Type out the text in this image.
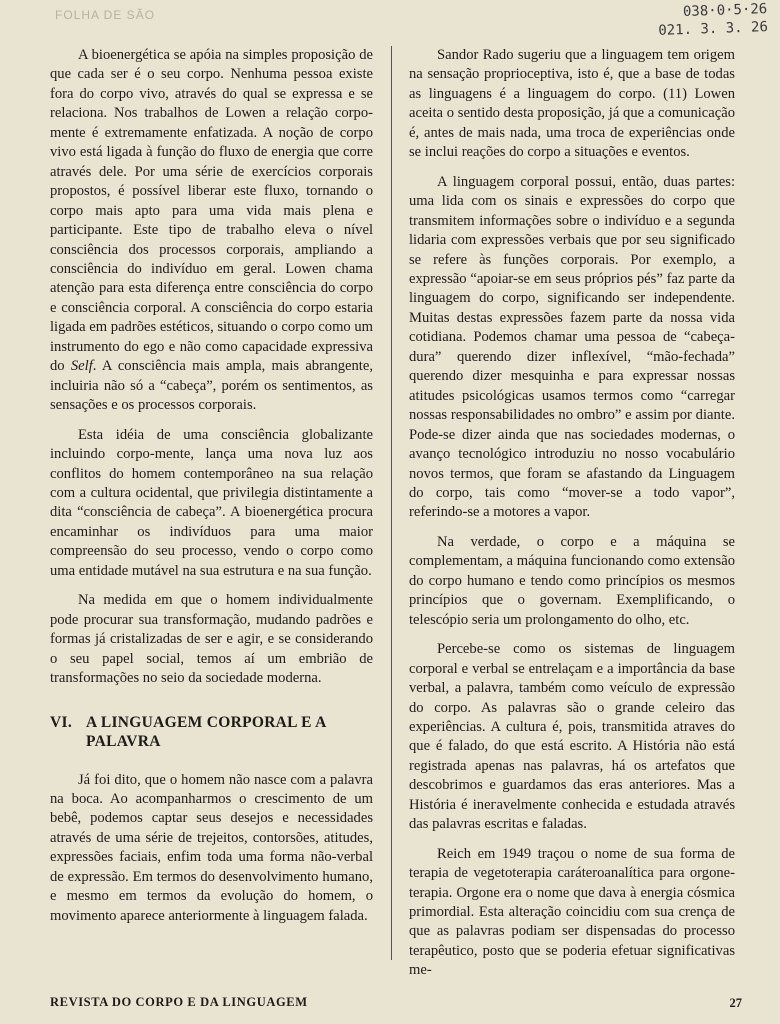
FOLHA DE SÃO	038·0·5·26
021. 3. 3. 26

A bioenergética se apóia na simples proposição de que cada ser é o seu corpo. Nenhuma pessoa existe fora do corpo vivo, através do qual se expressa e se relaciona. Nos trabalhos de Lowen a relação corpo-mente é extremamente enfatizada. A noção de corpo vivo está ligada à função do fluxo de energia que corre através dele. Por uma série de exercícios corporais propostos, é possível liberar este fluxo, tornando o corpo mais apto para uma vida mais plena e participante. Este tipo de trabalho eleva o nível consciência dos processos corporais, ampliando a consciência do indivíduo em geral. Lowen chama atenção para esta diferença entre consciência do corpo e consciência corporal. A consciência do corpo estaria ligada em padrões estéticos, situando o corpo como um instrumento do ego e não como capacidade expressiva do Self. A consciência mais ampla, mais abrangente, incluiria não só a “cabeça”, porém os sentimentos, as sensações e os processos corporais.

Esta idéia de uma consciência globalizante incluindo corpo-mente, lança uma nova luz aos conflitos do homem contemporâneo na sua relação com a cultura ocidental, que privilegia distintamente a dita “consciência de cabeça”. A bioenergética procura encaminhar os indivíduos para uma maior compreensão do seu processo, vendo o corpo como uma entidade mutável na sua estrutura e na sua função.

Na medida em que o homem individualmente pode procurar sua transformação, mudando padrões e formas já cristalizadas de ser e agir, e se considerando o seu papel social, temos aí um embrião de transformações no seio da sociedade moderna.

VI. A LINGUAGEM CORPORAL E A
PALAVRA

Já foi dito, que o homem não nasce com a palavra na boca. Ao acompanharmos o crescimento de um bebê, podemos captar seus desejos e necessidades através de uma série de trejeitos, contorsões, atitudes, expressões faciais, enfim toda uma forma não-verbal de expressão. Em termos do desenvolvimento humano, e mesmo em termos da evolução do homem, o movimento aparece anteriormente à linguagem falada.

Sandor Rado sugeriu que a linguagem tem origem na sensação proprioceptiva, isto é, que a base de todas as linguagens é a linguagem do corpo. (11) Lowen aceita o sentido desta proposição, já que a comunicação é, antes de mais nada, uma troca de experiências onde se inclui reações do corpo a situações e eventos.

A linguagem corporal possui, então, duas partes: uma lida com os sinais e expressões do corpo que transmitem informações sobre o indivíduo e a segunda lidaria com expressões verbais que por seu significado se refere às funções corporais. Por exemplo, a expressão “apoiar-se em seus próprios pés” faz parte da linguagem do corpo, significando ser independente. Muitas destas expressões fazem parte da nossa vida cotidiana. Podemos chamar uma pessoa de “cabeça-dura” querendo dizer inflexível, “mão-fechada” querendo dizer mesquinha e para expressar nossas atitudes psicológicas usamos termos como “carregar nossas responsabilidades no ombro” e assim por diante. Pode-se dizer ainda que nas sociedades modernas, o avanço tecnológico introduziu no nosso vocabulário novos termos, que foram se afastando da Linguagem do corpo, tais como “mover-se a todo vapor”, referindo-se a motores a vapor.

Na verdade, o corpo e a máquina se complementam, a máquina funcionando como extensão do corpo humano e tendo como princípios os mesmos princípios que o governam. Exemplificando, o telescópio seria um prolongamento do olho, etc.

Percebe-se como os sistemas de linguagem corporal e verbal se entrelaçam e a importância da base verbal, a palavra, também como veículo de expressão do corpo. As palavras são o grande celeiro das experiências. A cultura é, pois, transmitida atraves do que é falado, do que está escrito. A História não está registrada apenas nas palavras, há os artefatos que descobrimos e guardamos das eras anteriores. Mas a História é ineгavelmente conhecida e estudada através das palavras escritas e faladas.

Reich em 1949 traçou o nome de sua forma de terapia de vegetoterapia caráteroanalítica para orgone-terapia. Orgone era o nome que dava à energia cósmica primordial. Esta alteração coincidiu com sua crença de que as palavras podiam ser dispensadas do processo terapêutico, posto que se poderia efetuar significativas me-

REVISTA DO CORPO E DA LINGUAGEM	27
